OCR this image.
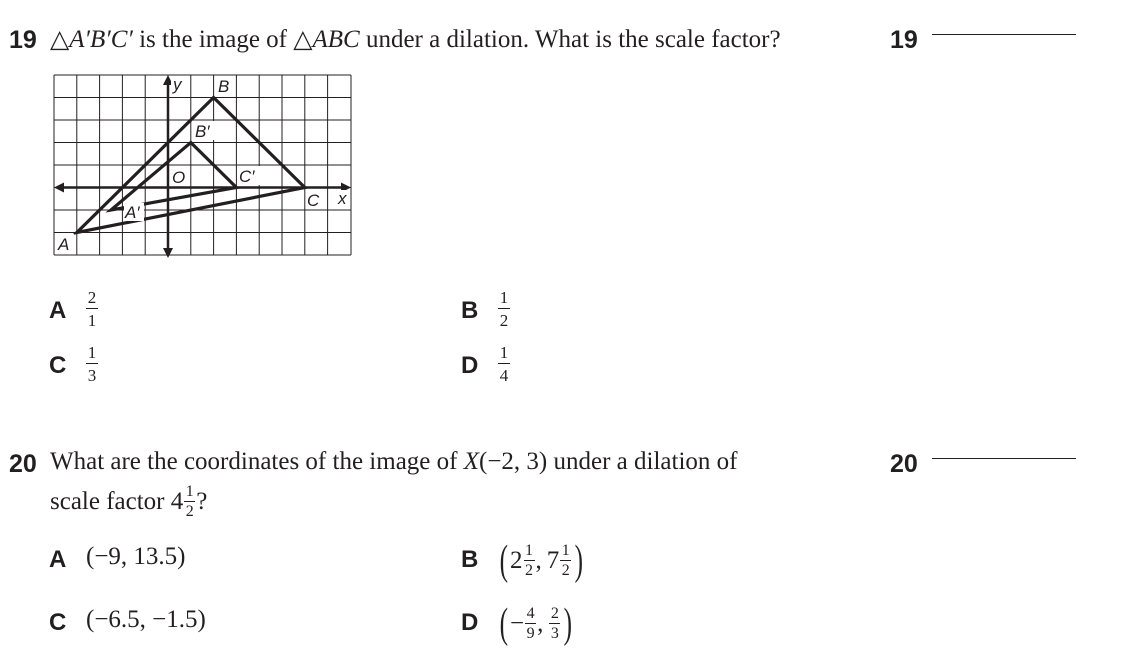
19 △A′B′C′ is the image of △ABC under a dilation. What is the scale factor?	19
y B
B′
O	C′
C x
A′
A
A 2
1	B 1
2
C 1
3	D 1
4
20 What are the coordinates of the image of X(−2, 3) under a dilation of
scale factor $4 \frac{1}{2}$ ?
20
A (−9, 13.5)	B ( $2 \frac{1}{2}$ , $7 \frac{1}{2}$ )
C (−6.5, −1.5)	D ( − $\frac{4}{9}$ , $\frac{2}{3}$ )
